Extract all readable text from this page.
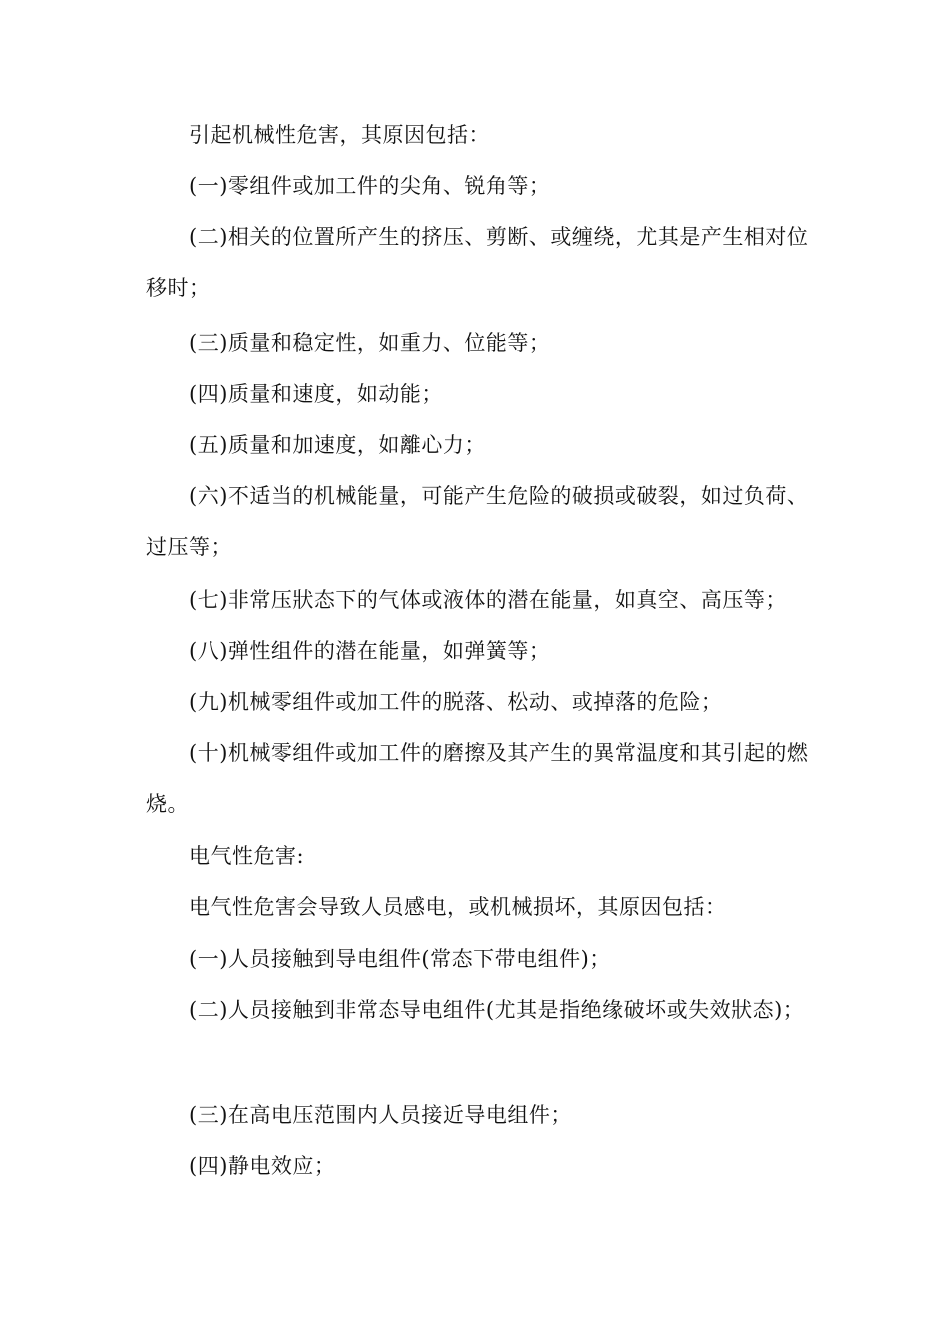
引起机械性危害，其原因包括：

(一)零组件或加工件的尖角、锐角等；

(二)相关的位置所产生的挤压、剪断、或缠绕，尤其是产生相对位移时；

(三)质量和稳定性，如重力、位能等；

(四)质量和速度，如动能；

(五)质量和加速度，如離心力；

(六)不适当的机械能量，可能产生危险的破损或破裂，如过负荷、过压等；

(七)非常压狀态下的气体或液体的潜在能量，如真空、高压等；

(八)弹性组件的潜在能量，如弹簧等；

(九)机械零组件或加工件的脱落、松动、或掉落的危险；

(十)机械零组件或加工件的磨擦及其产生的異常温度和其引起的燃烧。

电气性危害:

电气性危害会导致人员感电，或机械损坏，其原因包括：

(一)人员接触到导电组件(常态下带电组件)；

(二)人员接触到非常态导电组件(尤其是指绝缘破坏或失效狀态)；

(三)在高电压范围内人员接近导电组件；

(四)静电效应；
